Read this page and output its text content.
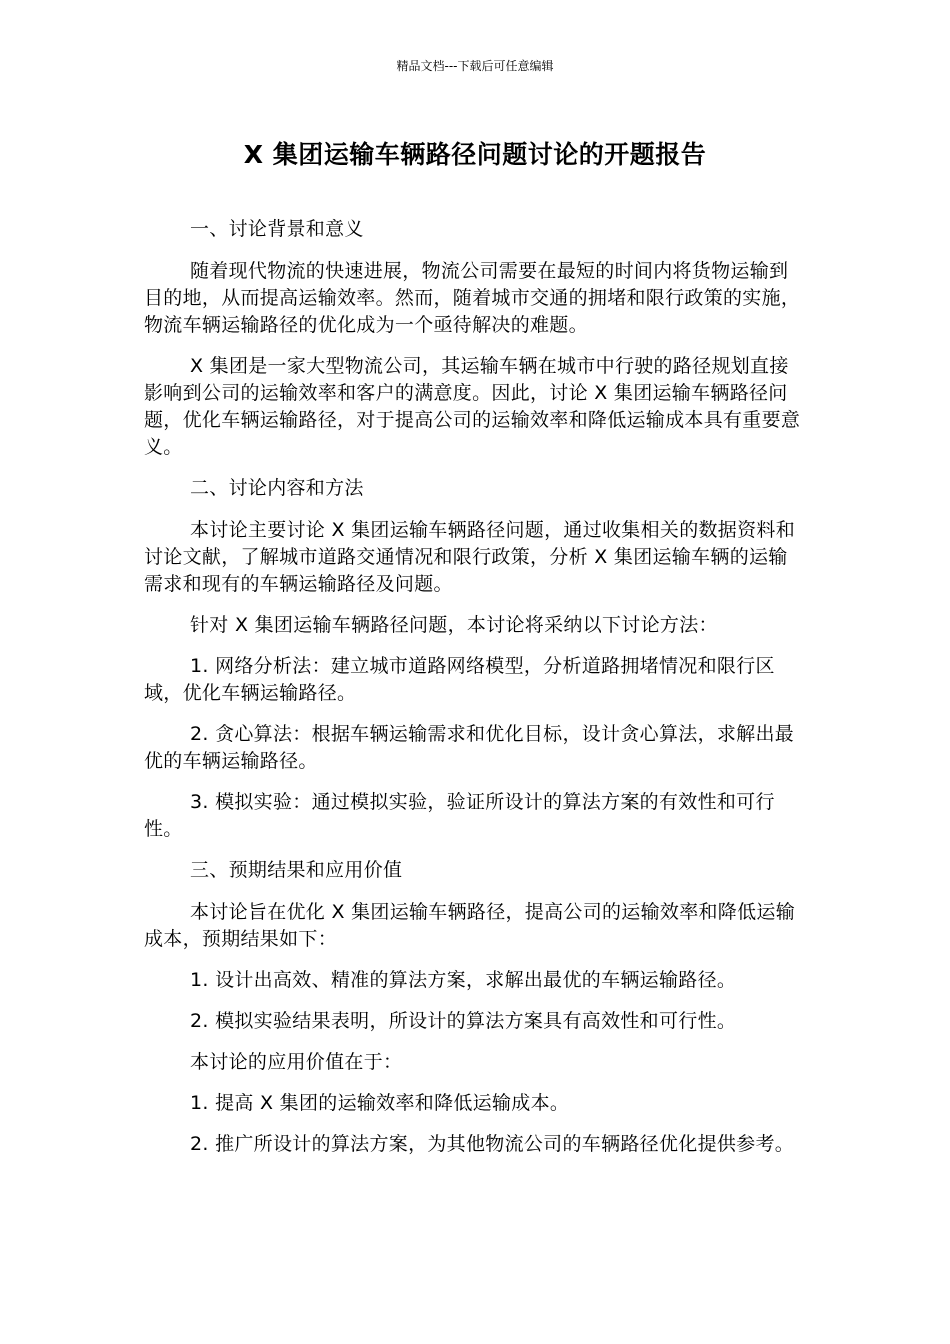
精品文档---下载后可任意编辑
X 集团运输车辆路径问题讨论的开题报告

一、讨论背景和意义

随着现代物流的快速进展，物流公司需要在最短的时间内将货物运输到目的地，从而提高运输效率。然而，随着城市交通的拥堵和限行政策的实施，物流车辆运输路径的优化成为一个亟待解决的难题。

X 集团是一家大型物流公司，其运输车辆在城市中行驶的路径规划直接影响到公司的运输效率和客户的满意度。因此，讨论 X 集团运输车辆路径问题，优化车辆运输路径，对于提高公司的运输效率和降低运输成本具有重要意义。

二、讨论内容和方法

本讨论主要讨论 X 集团运输车辆路径问题，通过收集相关的数据资料和讨论文献，了解城市道路交通情况和限行政策，分析 X 集团运输车辆的运输需求和现有的车辆运输路径及问题。

针对 X 集团运输车辆路径问题，本讨论将采纳以下讨论方法：

1. 网络分析法：建立城市道路网络模型，分析道路拥堵情况和限行区域，优化车辆运输路径。

2. 贪心算法：根据车辆运输需求和优化目标，设计贪心算法，求解出最优的车辆运输路径。

3. 模拟实验：通过模拟实验，验证所设计的算法方案的有效性和可行性。

三、预期结果和应用价值

本讨论旨在优化 X 集团运输车辆路径，提高公司的运输效率和降低运输成本，预期结果如下：

1. 设计出高效、精准的算法方案，求解出最优的车辆运输路径。

2. 模拟实验结果表明，所设计的算法方案具有高效性和可行性。

本讨论的应用价值在于：

1. 提高 X 集团的运输效率和降低运输成本。

2. 推广所设计的算法方案，为其他物流公司的车辆路径优化提供参考。
